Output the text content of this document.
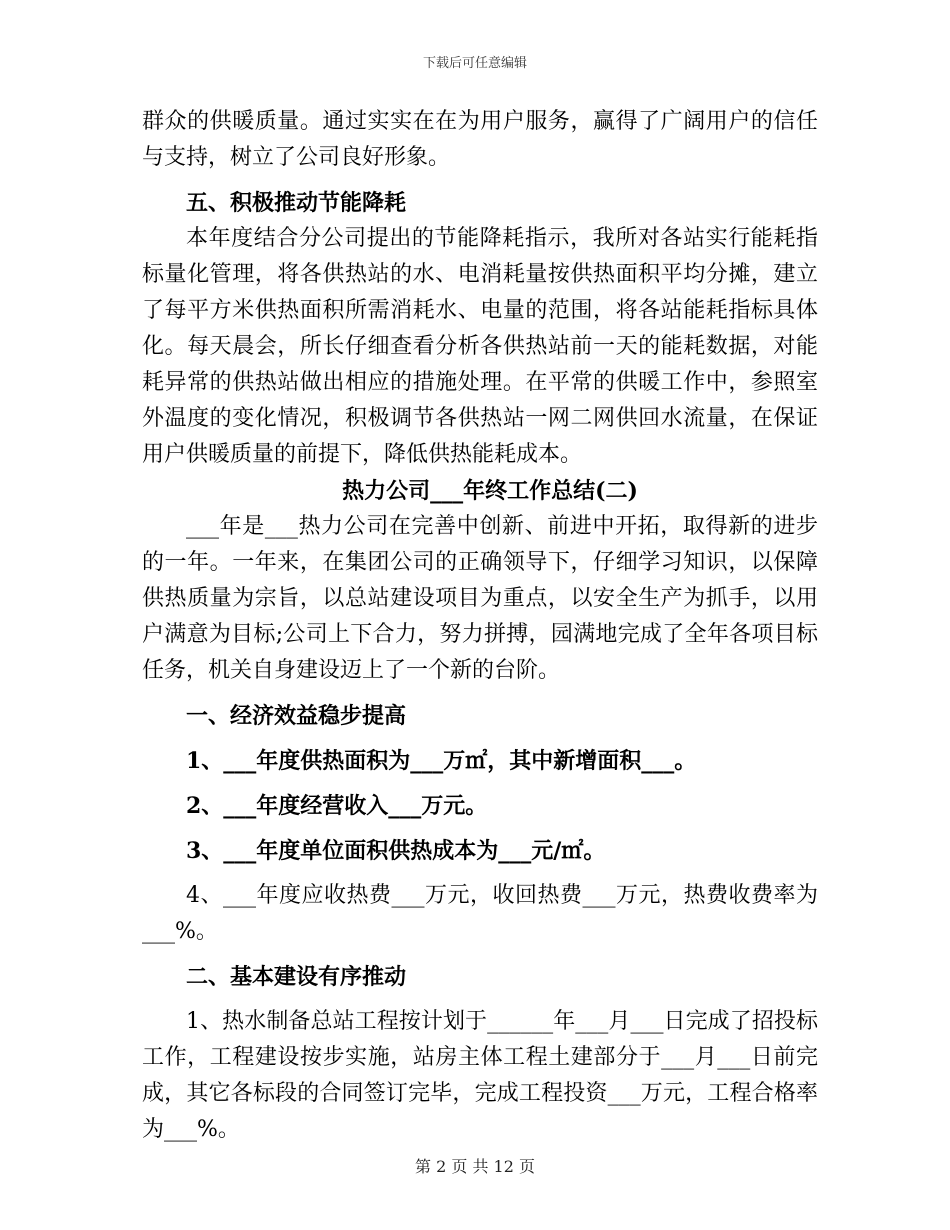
下载后可任意编辑

群众的供暖质量。通过实实在在为用户服务，赢得了广阔用户的信任与支持，树立了公司良好形象。

五、积极推动节能降耗

本年度结合分公司提出的节能降耗指示，我所对各站实行能耗指标量化管理，将各供热站的水、电消耗量按供热面积平均分摊，建立了每平方米供热面积所需消耗水、电量的范围，将各站能耗指标具体化。每天晨会，所长仔细查看分析各供热站前一天的能耗数据，对能耗异常的供热站做出相应的措施处理。在平常的供暖工作中，参照室外温度的变化情况，积极调节各供热站一网二网供回水流量，在保证用户供暖质量的前提下，降低供热能耗成本。

热力公司___年终工作总结(二)

___年是___热力公司在完善中创新、前进中开拓，取得新的进步的一年。一年来，在集团公司的正确领导下，仔细学习知识，以保障供热质量为宗旨，以总站建设项目为重点，以安全生产为抓手，以用户满意为目标;公司上下合力，努力拼搏，园满地完成了全年各项目标任务，机关自身建设迈上了一个新的台阶。

一、经济效益稳步提高

1、___年度供热面积为___万㎡，其中新增面积___。

2、___年度经营收入___万元。

3、___年度单位面积供热成本为___元/㎡。

4、___年度应收热费___万元，收回热费___万元，热费收费率为___%。

二、基本建设有序推动

1、热水制备总站工程按计划于______年___月___日完成了招投标工作，工程建设按步实施，站房主体工程土建部分于___月___日前完成，其它各标段的合同签订完毕，完成工程投资___万元，工程合格率为___%。

第 2 页 共 12 页
